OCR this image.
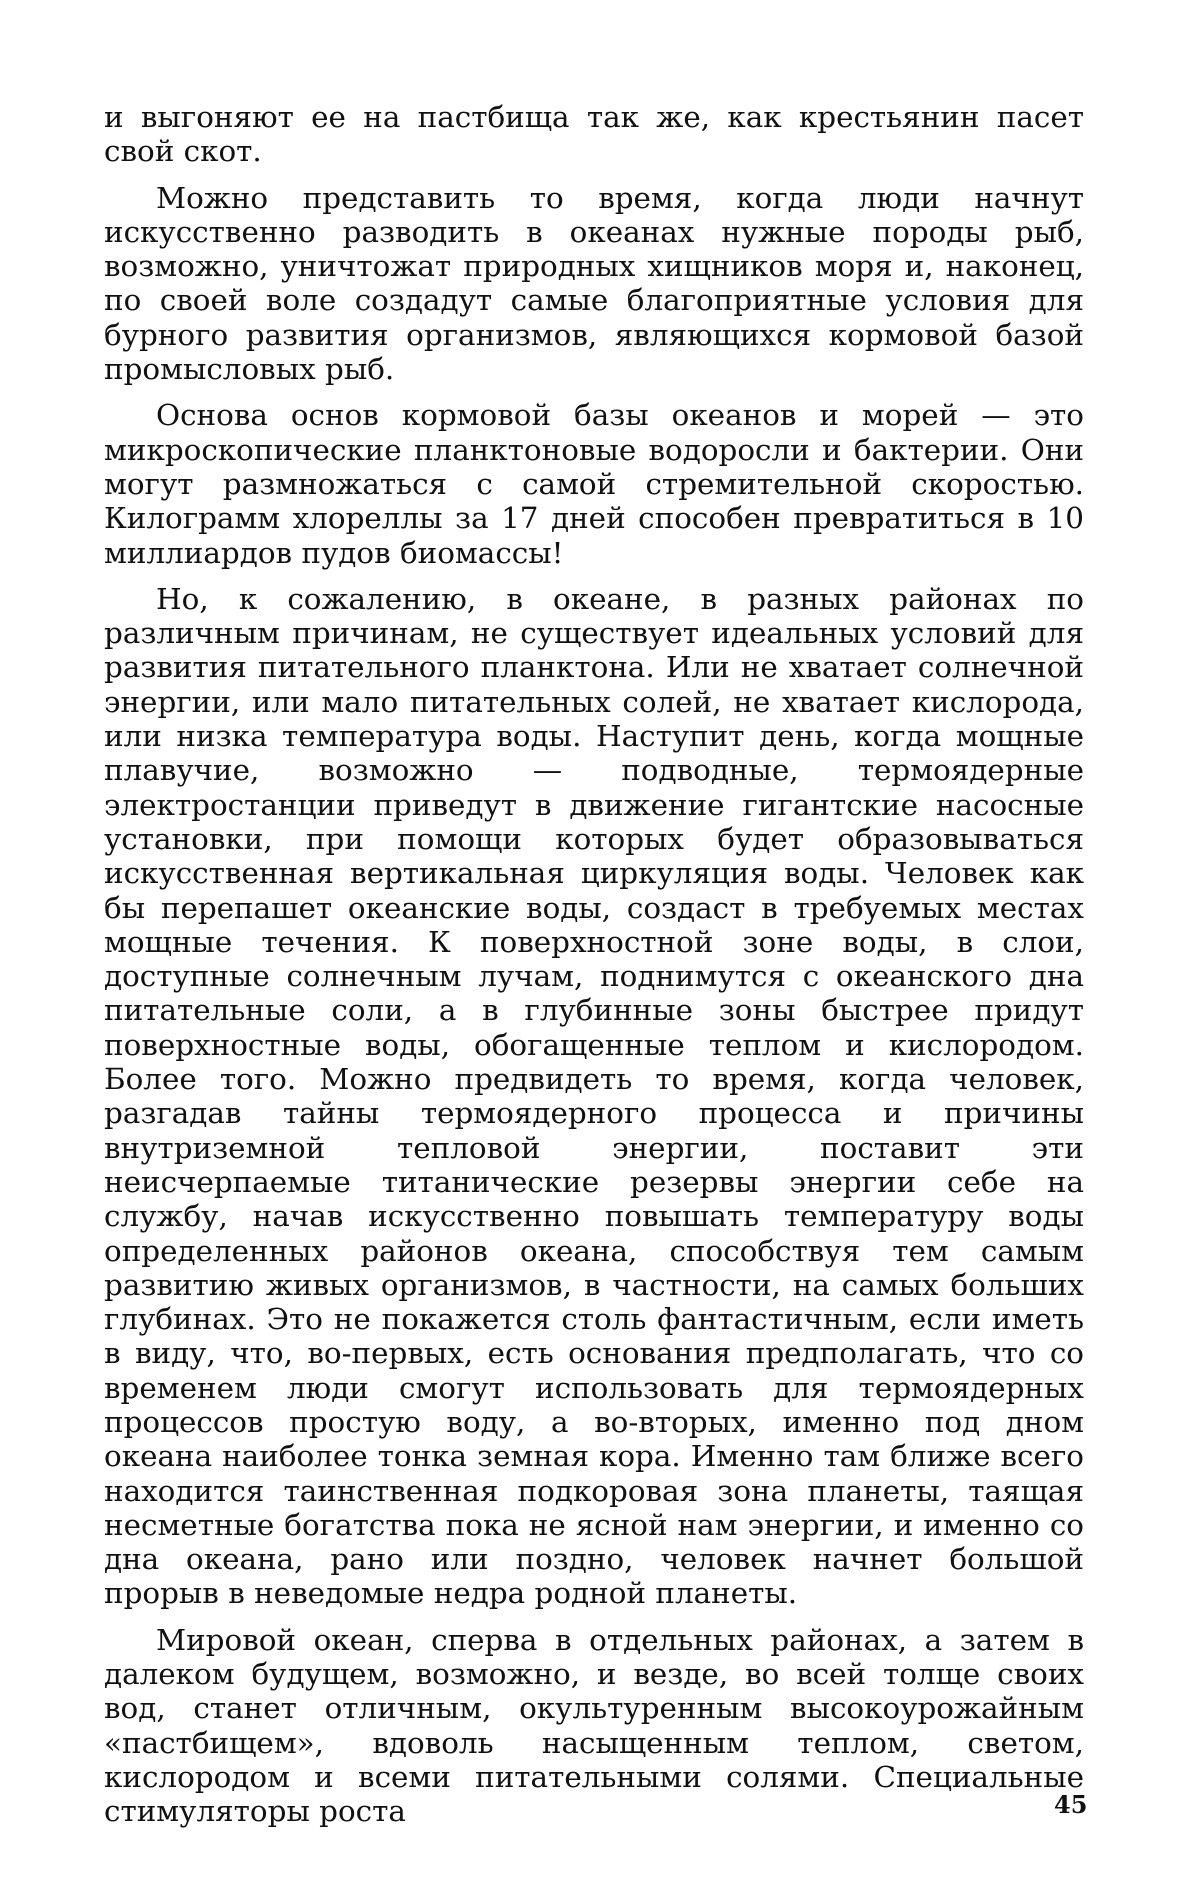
и выгоняют ее на пастбища так же, как крестьянин пасет свой скот.

Можно представить то время, когда люди начнут искусственно разводить в океанах нужные породы рыб, возможно, уничтожат природных хищников моря и, наконец, по своей воле создадут самые благоприятные условия для бурного развития организмов, являющихся кормовой базой промысловых рыб.

Основа основ кормовой базы океанов и морей — это микроскопические планктоновые водоросли и бактерии. Они могут размножаться с самой стремительной скоростью. Килограмм хлореллы за 17 дней способен превратиться в 10 миллиардов пудов биомассы!

Но, к сожалению, в океане, в разных районах по различным причинам, не существует идеальных условий для развития питательного планктона. Или не хватает солнечной энергии, или мало питательных солей, не хватает кислорода, или низка температура воды. Наступит день, когда мощные плавучие, возможно — подводные, термоядерные электростанции приведут в движение гигантские насосные установки, при помощи которых будет образовываться искусственная вертикальная циркуляция воды. Человек как бы перепашет океанские воды, создаст в требуемых местах мощные течения. К поверхностной зоне воды, в слои, доступные солнечным лучам, поднимутся с океанского дна питательные соли, а в глубинные зоны быстрее придут поверхностные воды, обогащенные теплом и кислородом. Более того. Можно предвидеть то время, когда человек, разгадав тайны термоядерного процесса и причины внутриземной тепловой энергии, поставит эти неисчерпаемые титанические резервы энергии себе на службу, начав искусственно повышать температуру воды определенных районов океана, способствуя тем самым развитию живых организмов, в частности, на самых больших глубинах. Это не покажется столь фантастичным, если иметь в виду, что, во-первых, есть основания предполагать, что со временем люди смогут использовать для термоядерных процессов простую воду, а во-вторых, именно под дном океана наиболее тонка земная кора. Именно там ближе всего находится таинственная подкоровая зона планеты, таящая несметные богатства пока не ясной нам энергии, и именно со дна океана, рано или поздно, человек начнет большой прорыв в неведомые недра родной планеты.

Мировой океан, сперва в отдельных районах, а затем в далеком будущем, возможно, и везде, во всей толще своих вод, станет отличным, окультуренным высокоурожайным «пастбищем», вдоволь насыщенным теплом, светом, кислородом и всеми питательными солями. Специальные стимуляторы роста	45
